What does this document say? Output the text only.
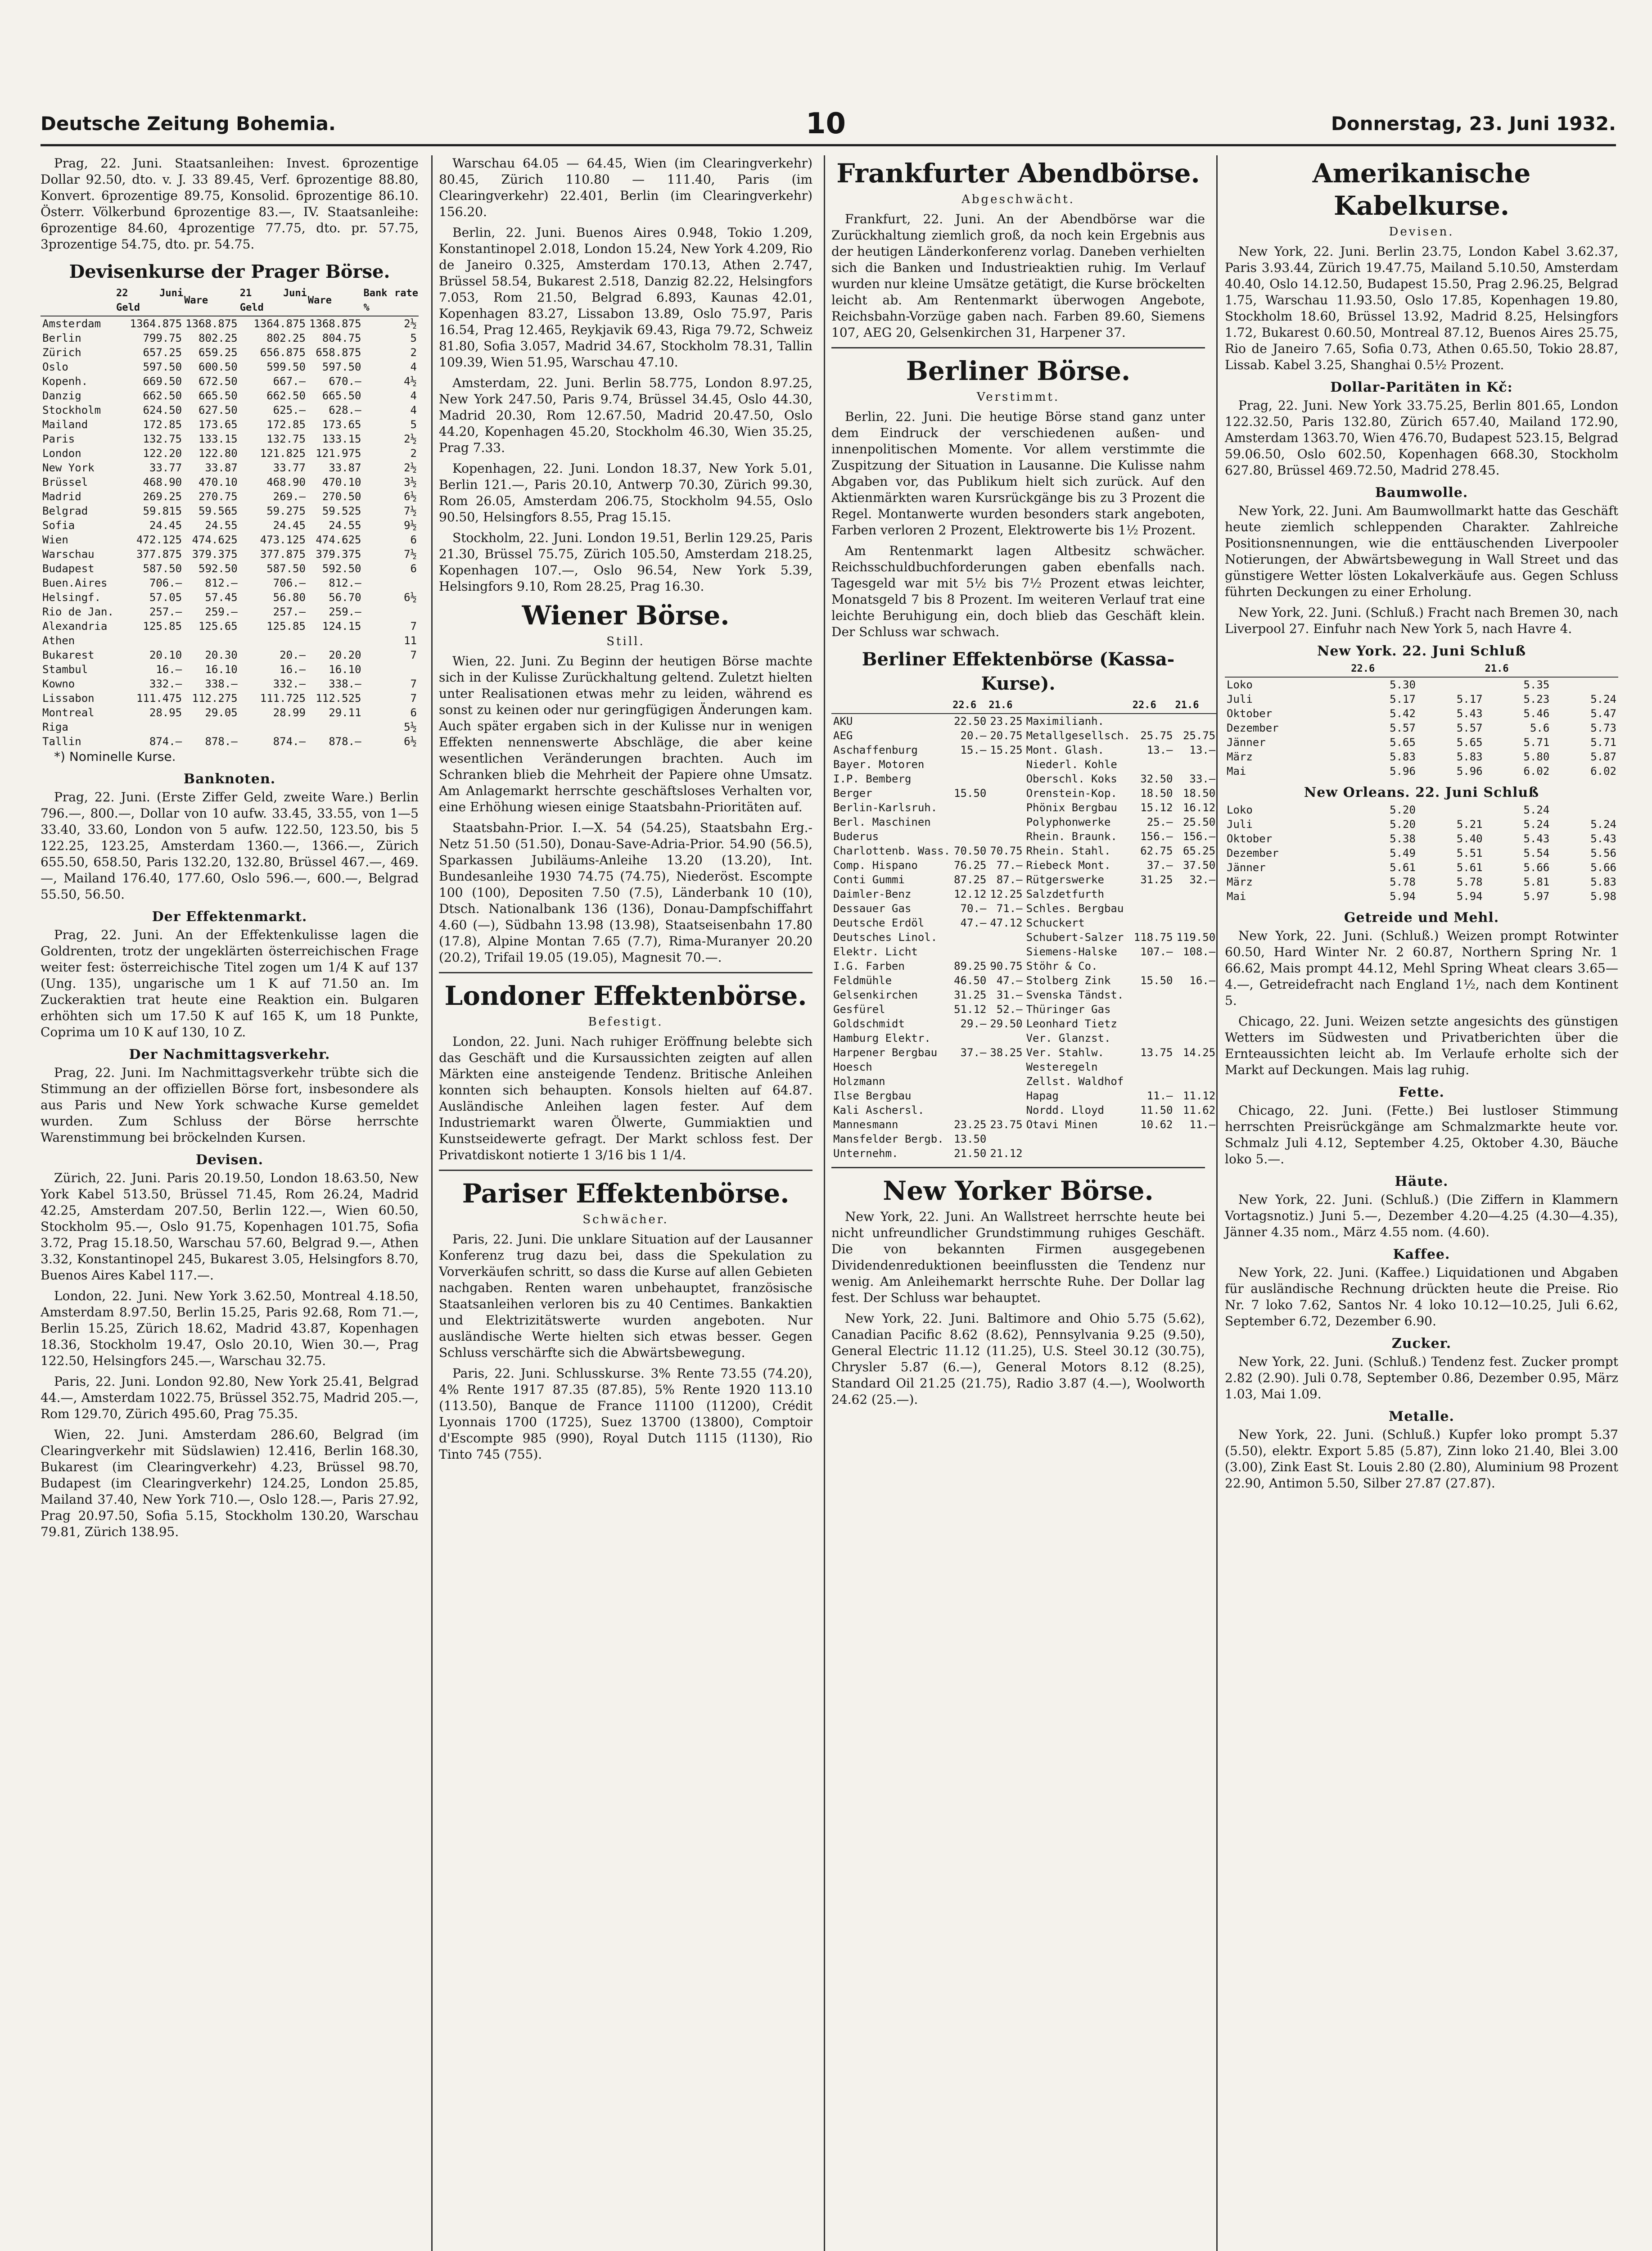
Deutsche Zeitung Bohemia.	10	Donnerstag, 23. Juni 1932.

Prag, 22. Juni. Staatsanleihen: Invest. 6prozentige Dollar 92.50, dto. v. J. 33 89.45, Verf. 6prozentige 88.80, Konvert. 6prozentige 89.75, Konsolid. 6prozentige 86.10. Österr. Völkerbund 6prozentige 83.—, IV. Staatsanleihe: 6prozentige 84.60, 4prozentige 77.75, dto. pr. 57.75, 3prozentige 54.75, dto. pr. 54.75.

Devisenkurse der Prager Börse.
	22 Juni Geld	Ware	21 Juni Geld	Ware	Bank rate %
Amsterdam	1364.875	1368.875	1364.875	1368.875	2½
Berlin	799.75	802.25	802.25	804.75	5
Zürich	657.25	659.25	656.875	658.875	2
Oslo	597.50	600.50	599.50	597.50	4
Kopenh.	669.50	672.50	667.—	670.—	4½
Danzig	662.50	665.50	662.50	665.50	4
Stockholm	624.50	627.50	625.—	628.—	4
Mailand	172.85	173.65	172.85	173.65	5
Paris	132.75	133.15	132.75	133.15	2½
London	122.20	122.80	121.825	121.975	2
New York	33.77	33.87	33.77	33.87	2½
Brüssel	468.90	470.10	468.90	470.10	3½
Madrid	269.25	270.75	269.—	270.50	6½
Belgrad	59.815	59.565	59.275	59.525	7½
Sofia	24.45	24.55	24.45	24.55	9½
Wien	472.125	474.625	473.125	474.625	6
Warschau	377.875	379.375	377.875	379.375	7½
Budapest	587.50	592.50	587.50	592.50	6
Buen.Aires	706.—	812.—	706.—	812.—	
Helsingf.	57.05	57.45	56.80	56.70	6½
Rio de Jan.	257.—	259.—	257.—	259.—	
Alexandria	125.85	125.65	125.85	124.15	7
Athen					11
Bukarest	20.10	20.30	20.—	20.20	7
Stambul	16.—	16.10	16.—	16.10	
Kowno	332.—	338.—	332.—	338.—	7
Lissabon	111.475	112.275	111.725	112.525	7
Montreal	28.95	29.05	28.99	29.11	6
Riga					5½
Tallin	874.—	878.—	874.—	878.—	6½

*) Nominelle Kurse.

Banknoten.

Prag, 22. Juni. (Erste Ziffer Geld, zweite Ware.) Berlin 796.—, 800.—, Dollar von 10 aufw. 33.45, 33.55, von 1—5 33.40, 33.60, London von 5 aufw. 122.50, 123.50, bis 5 122.25, 123.25, Amsterdam 1360.—, 1366.—, Zürich 655.50, 658.50, Paris 132.20, 132.80, Brüssel 467.—, 469.—, Mailand 176.40, 177.60, Oslo 596.—, 600.—, Belgrad 55.50, 56.50.

Der Effektenmarkt.

Prag, 22. Juni. An der Effektenkulisse lagen die Goldrenten, trotz der ungeklärten österreichischen Frage weiter fest: österreichische Titel zogen um 1/4 K auf 137 (Ung. 135), ungarische um 1 K auf 71.50 an. Im Zuckeraktien trat heute eine Reaktion ein. Bulgaren erhöhten sich um 17.50 K auf 165 K, um 18 Punkte, Coprima um 10 K auf 130, 10 Z.

Der Nachmittagsverkehr.

Prag, 22. Juni. Im Nachmittagsverkehr trübte sich die Stimmung an der offiziellen Börse fort, insbesondere als aus Paris und New York schwache Kurse gemeldet wurden. Zum Schluss der Börse herrschte Warenstimmung bei bröckelnden Kursen.

Devisen.

Zürich, 22. Juni. Paris 20.19.50, London 18.63.50, New York Kabel 513.50, Brüssel 71.45, Rom 26.24, Madrid 42.25, Amsterdam 207.50, Berlin 122.—, Wien 60.50, Stockholm 95.—, Oslo 91.75, Kopenhagen 101.75, Sofia 3.72, Prag 15.18.50, Warschau 57.60, Belgrad 9.—, Athen 3.32, Konstantinopel 245, Bukarest 3.05, Helsingfors 8.70, Buenos Aires Kabel 117.—.

London, 22. Juni. New York 3.62.50, Montreal 4.18.50, Amsterdam 8.97.50, Berlin 15.25, Paris 92.68, Rom 71.—, Berlin 15.25, Zürich 18.62, Madrid 43.87, Kopenhagen 18.36, Stockholm 19.47, Oslo 20.10, Wien 30.—, Prag 122.50, Helsingfors 245.—, Warschau 32.75.

Paris, 22. Juni. London 92.80, New York 25.41, Belgrad 44.—, Amsterdam 1022.75, Brüssel 352.75, Madrid 205.—, Rom 129.70, Zürich 495.60, Prag 75.35.

Wien, 22. Juni. Amsterdam 286.60, Belgrad (im Clearingverkehr mit Südslawien) 12.416, Berlin 168.30, Bukarest (im Clearingverkehr) 4.23, Brüssel 98.70, Budapest (im Clearingverkehr) 124.25, London 25.85, Mailand 37.40, New York 710.—, Oslo 128.—, Paris 27.92, Prag 20.97.50, Sofia 5.15, Stockholm 130.20, Warschau 79.81, Zürich 138.95.

Warschau 64.05 — 64.45, Wien (im Clearingverkehr) 80.45, Zürich 110.80 — 111.40, Paris (im Clearingverkehr) 22.401, Berlin (im Clearingverkehr) 156.20.

Berlin, 22. Juni. Buenos Aires 0.948, Tokio 1.209, Konstantinopel 2.018, London 15.24, New York 4.209, Rio de Janeiro 0.325, Amsterdam 170.13, Athen 2.747, Brüssel 58.54, Bukarest 2.518, Danzig 82.22, Helsingfors 7.053, Rom 21.50, Belgrad 6.893, Kaunas 42.01, Kopenhagen 83.27, Lissabon 13.89, Oslo 75.97, Paris 16.54, Prag 12.465, Reykjavik 69.43, Riga 79.72, Schweiz 81.80, Sofia 3.057, Madrid 34.67, Stockholm 78.31, Tallin 109.39, Wien 51.95, Warschau 47.10.

Amsterdam, 22. Juni. Berlin 58.775, London 8.97.25, New York 247.50, Paris 9.74, Brüssel 34.45, Oslo 44.30, Madrid 20.30, Rom 12.67.50, Madrid 20.47.50, Oslo 44.20, Kopenhagen 45.20, Stockholm 46.30, Wien 35.25, Prag 7.33.

Kopenhagen, 22. Juni. London 18.37, New York 5.01, Berlin 121.—, Paris 20.10, Antwerp 70.30, Zürich 99.30, Rom 26.05, Amsterdam 206.75, Stockholm 94.55, Oslo 90.50, Helsingfors 8.55, Prag 15.15.

Stockholm, 22. Juni. London 19.51, Berlin 129.25, Paris 21.30, Brüssel 75.75, Zürich 105.50, Amsterdam 218.25, Kopenhagen 107.—, Oslo 96.54, New York 5.39, Helsingfors 9.10, Rom 28.25, Prag 16.30.

Wiener Börse.
Still.

Wien, 22. Juni. Zu Beginn der heutigen Börse machte sich in der Kulisse Zurückhaltung geltend. Zuletzt hielten unter Realisationen etwas mehr zu leiden, während es sonst zu keinen oder nur geringfügigen Änderungen kam. Auch später ergaben sich in der Kulisse nur in wenigen Effekten nennenswerte Abschläge, die aber keine wesentlichen Veränderungen brachten. Auch im Schranken blieb die Mehrheit der Papiere ohne Umsatz. Am Anlagemarkt herrschte geschäftsloses Verhalten vor, eine Erhöhung wiesen einige Staatsbahn-Prioritäten auf.

Staatsbahn-Prior. I.—X. 54 (54.25), Staatsbahn Erg.-Netz 51.50 (51.50), Donau-Save-Adria-Prior. 54.90 (56.5), Sparkassen Jubiläums-Anleihe 13.20 (13.20), Int. Bundesanleihe 1930 74.75 (74.75), Niederöst. Escompte 100 (100), Depositen 7.50 (7.5), Länderbank 10 (10), Dtsch. Nationalbank 136 (136), Donau-Dampfschiffahrt 4.60 (—), Südbahn 13.98 (13.98), Staatseisenbahn 17.80 (17.8), Alpine Montan 7.65 (7.7), Rima-Muranyer 20.20 (20.2), Trifail 19.05 (19.05), Magnesit 70.—.

Londoner Effektenbörse.
Befestigt.

London, 22. Juni. Nach ruhiger Eröffnung belebte sich das Geschäft und die Kursaussichten zeigten auf allen Märkten eine ansteigende Tendenz. Britische Anleihen konnten sich behaupten. Konsols hielten auf 64.87. Ausländische Anleihen lagen fester. Auf dem Industriemarkt waren Ölwerte, Gummiaktien und Kunstseidewerte gefragt. Der Markt schloss fest. Der Privatdiskont notierte 1 3/16 bis 1 1/4.

Pariser Effektenbörse.
Schwächer.

Paris, 22. Juni. Die unklare Situation auf der Lausanner Konferenz trug dazu bei, dass die Spekulation zu Vorverkäufen schritt, so dass die Kurse auf allen Gebieten nachgaben. Renten waren unbehauptet, französische Staatsanleihen verloren bis zu 40 Centimes. Bankaktien und Elektrizitätswerte wurden angeboten. Nur ausländische Werte hielten sich etwas besser. Gegen Schluss verschärfte sich die Abwärtsbewegung.

Paris, 22. Juni. Schlusskurse. 3% Rente 73.55 (74.20), 4% Rente 1917 87.35 (87.85), 5% Rente 1920 113.10 (113.50), Banque de France 11100 (11200), Crédit Lyonnais 1700 (1725), Suez 13700 (13800), Comptoir d'Escompte 985 (990), Royal Dutch 1115 (1130), Rio Tinto 745 (755).

Frankfurter Abendbörse.
Abgeschwächt.

Frankfurt, 22. Juni. An der Abendbörse war die Zurückhaltung ziemlich groß, da noch kein Ergebnis aus der heutigen Länderkonferenz vorlag. Daneben verhielten sich die Banken und Industrieaktien ruhig. Im Verlauf wurden nur kleine Umsätze getätigt, die Kurse bröckelten leicht ab. Am Rentenmarkt überwogen Angebote, Reichsbahn-Vorzüge gaben nach. Farben 89.60, Siemens 107, AEG 20, Gelsenkirchen 31, Harpener 37.

Berliner Börse.
Verstimmt.

Berlin, 22. Juni. Die heutige Börse stand ganz unter dem Eindruck der verschiedenen außen- und innenpolitischen Momente. Vor allem verstimmte die Zuspitzung der Situation in Lausanne. Die Kulisse nahm Abgaben vor, das Publikum hielt sich zurück. Auf den Aktienmärkten waren Kursrückgänge bis zu 3 Prozent die Regel. Montanwerte wurden besonders stark angeboten, Farben verloren 2 Prozent, Elektrowerte bis 1½ Prozent.

Am Rentenmarkt lagen Altbesitz schwächer. Reichsschuldbuchforderungen gaben ebenfalls nach. Tagesgeld war mit 5½ bis 7½ Prozent etwas leichter, Monatsgeld 7 bis 8 Prozent. Im weiteren Verlauf trat eine leichte Beruhigung ein, doch blieb das Geschäft klein. Der Schluss war schwach.

Berliner Effektenbörse (Kassa-Kurse).
	22.6	21.6		22.6	21.6
AKU	22.50	23.25	Maximilianh.		
AEG	20.—	20.75	Metallgesellsch.	25.75	25.75
Aschaffenburg	15.—	15.25	Mont. Glash.	13.—	13.—
Bayer. Motoren			Niederl. Kohle		
I.P. Bemberg			Oberschl. Koks	32.50	33.—
Berger	15.50		Orenstein-Kop.	18.50	18.50
Berlin-Karlsruh.			Phönix Bergbau	15.12	16.12
Berl. Maschinen			Polyphonwerke	25.—	25.50
Buderus			Rhein. Braunk.	156.—	156.—
Charlottenb. Wass.	70.50	70.75	Rhein. Stahl.	62.75	65.25
Comp. Hispano	76.25	77.—	Riebeck Mont.	37.—	37.50
Conti Gummi	87.25	87.—	Rütgerswerke	31.25	32.—
Daimler-Benz	12.12	12.25	Salzdetfurth		
Dessauer Gas	70.—	71.—	Schles. Bergbau		
Deutsche Erdöl	47.—	47.12	Schuckert		
Deutsches Linol.			Schubert-Salzer	118.75	119.50
Elektr. Licht			Siemens-Halske	107.—	108.—
I.G. Farben	89.25	90.75	Stöhr & Co.		
Feldmühle	46.50	47.—	Stolberg Zink	15.50	16.—
Gelsenkirchen	31.25	31.—	Svenska Tändst.		
Gesfürel	51.12	52.—	Thüringer Gas		
Goldschmidt	29.—	29.50	Leonhard Tietz		
Hamburg Elektr.			Ver. Glanzst.		
Harpener Bergbau	37.—	38.25	Ver. Stahlw.	13.75	14.25
Hoesch			Westeregeln		
Holzmann			Zellst. Waldhof		
Ilse Bergbau			Hapag	11.—	11.12
Kali Aschersl.			Nordd. Lloyd	11.50	11.62
Mannesmann	23.25	23.75	Otavi Minen	10.62	11.—
Mansfelder Bergb.	13.50				
Unternehm.	21.50	21.12			
New Yorker Börse.

New York, 22. Juni. An Wallstreet herrschte heute bei nicht unfreundlicher Grundstimmung ruhiges Geschäft. Die von bekannten Firmen ausgegebenen Dividendenreduktionen beeinflussten die Tendenz nur wenig. Am Anleihemarkt herrschte Ruhe. Der Dollar lag fest. Der Schluss war behauptet.

New York, 22. Juni. Baltimore and Ohio 5.75 (5.62), Canadian Pacific 8.62 (8.62), Pennsylvania 9.25 (9.50), General Electric 11.12 (11.25), U.S. Steel 30.12 (30.75), Chrysler 5.87 (6.—), General Motors 8.12 (8.25), Standard Oil 21.25 (21.75), Radio 3.87 (4.—), Woolworth 24.62 (25.—).

Amerikanische Kabelkurse.
Devisen.

New York, 22. Juni. Berlin 23.75, London Kabel 3.62.37, Paris 3.93.44, Zürich 19.47.75, Mailand 5.10.50, Amsterdam 40.40, Oslo 14.12.50, Budapest 15.50, Prag 2.96.25, Belgrad 1.75, Warschau 11.93.50, Oslo 17.85, Kopenhagen 19.80, Stockholm 18.60, Brüssel 13.92, Madrid 8.25, Helsingfors 1.72, Bukarest 0.60.50, Montreal 87.12, Buenos Aires 25.75, Rio de Janeiro 7.65, Sofia 0.73, Athen 0.65.50, Tokio 28.87, Lissab. Kabel 3.25, Shanghai 0.5½ Prozent.

Dollar-Paritäten in Kč:

Prag, 22. Juni. New York 33.75.25, Berlin 801.65, London 122.32.50, Paris 132.80, Zürich 657.40, Mailand 172.90, Amsterdam 1363.70, Wien 476.70, Budapest 523.15, Belgrad 59.06.50, Oslo 602.50, Kopenhagen 668.30, Stockholm 627.80, Brüssel 469.72.50, Madrid 278.45.

Baumwolle.

New York, 22. Juni. Am Baumwollmarkt hatte das Geschäft heute ziemlich schleppenden Charakter. Zahlreiche Positionsnennungen, wie die enttäuschenden Liverpooler Notierungen, der Abwärtsbewegung in Wall Street und das günstigere Wetter lösten Lokalverkäufe aus. Gegen Schluss führten Deckungen zu einer Erholung.

New York, 22. Juni. (Schluß.) Fracht nach Bremen 30, nach Liverpool 27. Einfuhr nach New York 5, nach Havre 4.

New York. 22. Juni Schluß
	22.6		21.6	
Loko	5.30		5.35	
Juli	5.17	5.17	5.23	5.24
Oktober	5.42	5.43	5.46	5.47
Dezember	5.57	5.57	5.6	5.73
Jänner	5.65	5.65	5.71	5.71
März	5.83	5.83	5.80	5.87
Mai	5.96	5.96	6.02	6.02
New Orleans. 22. Juni Schluß
Loko	5.20		5.24	
Juli	5.20	5.21	5.24	5.24
Oktober	5.38	5.40	5.43	5.43
Dezember	5.49	5.51	5.54	5.56
Jänner	5.61	5.61	5.66	5.66
März	5.78	5.78	5.81	5.83
Mai	5.94	5.94	5.97	5.98
Getreide und Mehl.

New York, 22. Juni. (Schluß.) Weizen prompt Rotwinter 60.50, Hard Winter Nr. 2 60.87, Northern Spring Nr. 1 66.62, Mais prompt 44.12, Mehl Spring Wheat clears 3.65—4.—, Getreidefracht nach England 1½, nach dem Kontinent 5.

Chicago, 22. Juni. Weizen setzte angesichts des günstigen Wetters im Südwesten und Privatberichten über die Ernteaussichten leicht ab. Im Verlaufe erholte sich der Markt auf Deckungen. Mais lag ruhig.

Fette.

Chicago, 22. Juni. (Fette.) Bei lustloser Stimmung herrschten Preisrückgänge am Schmalzmarkte heute vor. Schmalz Juli 4.12, September 4.25, Oktober 4.30, Bäuche loko 5.—.

Häute.

New York, 22. Juni. (Schluß.) (Die Ziffern in Klammern Vortagsnotiz.) Juni 5.—, Dezember 4.20—4.25 (4.30—4.35), Jänner 4.35 nom., März 4.55 nom. (4.60).

Kaffee.

New York, 22. Juni. (Kaffee.) Liquidationen und Abgaben für ausländische Rechnung drückten heute die Preise. Rio Nr. 7 loko 7.62, Santos Nr. 4 loko 10.12—10.25, Juli 6.62, September 6.72, Dezember 6.90.

Zucker.

New York, 22. Juni. (Schluß.) Tendenz fest. Zucker prompt 2.82 (2.90). Juli 0.78, September 0.86, Dezember 0.95, März 1.03, Mai 1.09.

Metalle.

New York, 22. Juni. (Schluß.) Kupfer loko prompt 5.37 (5.50), elektr. Export 5.85 (5.87), Zinn loko 21.40, Blei 3.00 (3.00), Zink East St. Louis 2.80 (2.80), Aluminium 98 Prozent 22.90, Antimon 5.50, Silber 27.87 (27.87).
